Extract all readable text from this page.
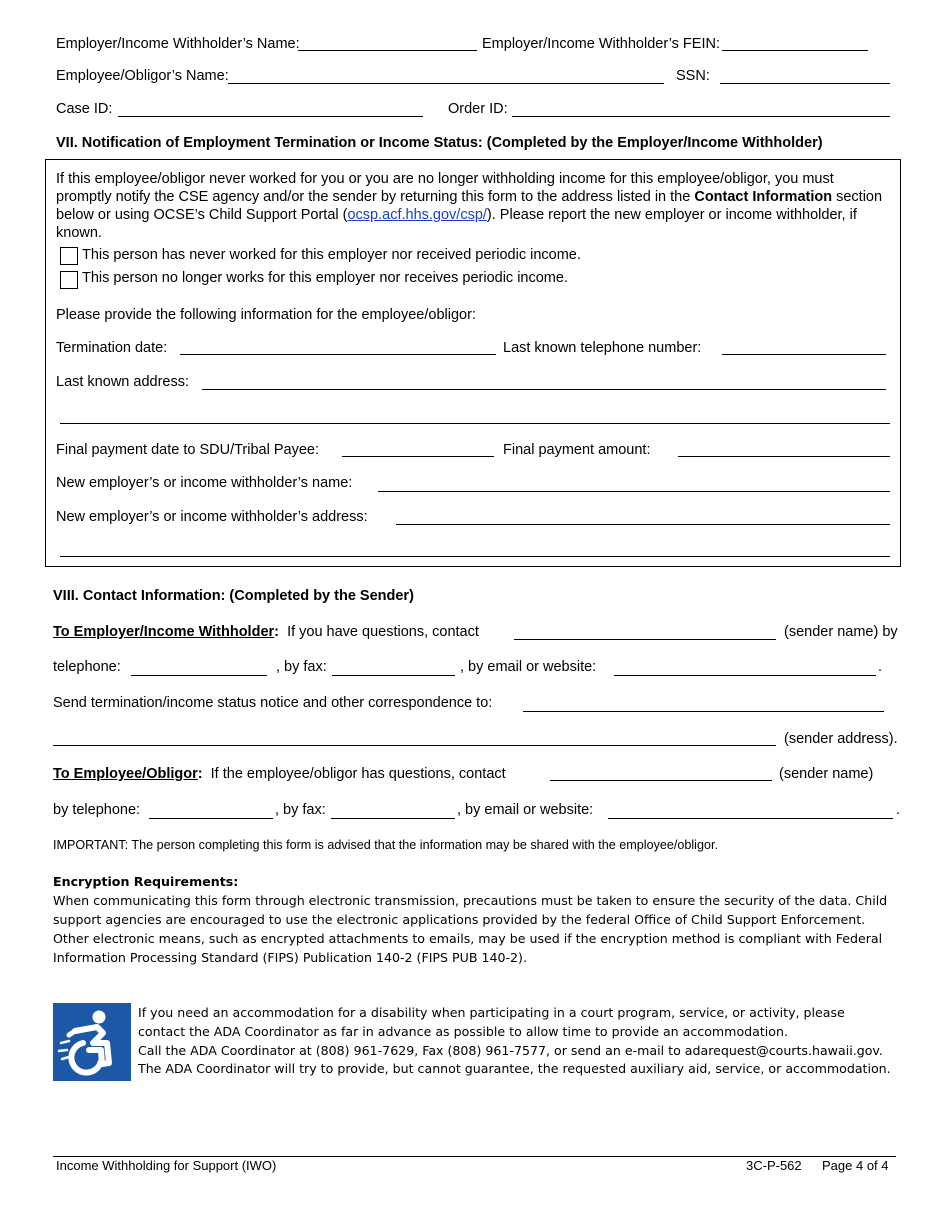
Employer/Income Withholder’s Name:	Employer/Income Withholder’s FEIN:
Employee/Obligor’s Name:	SSN:
Case ID:	Order ID:
VII. Notification of Employment Termination or Income Status: (Completed by the Employer/Income Withholder)
If this employee/obligor never worked for you or you are no longer withholding income for this employee/obligor, you must promptly notify the CSE agency and/or the sender by returning this form to the address listed in the Contact Information section below or using OCSE’s Child Support Portal (ocsp.acf.hhs.gov/csp/). Please report the new employer or income withholder, if known.
This person has never worked for this employer nor received periodic income.
This person no longer works for this employer nor receives periodic income.
Please provide the following information for the employee/obligor:
Termination date:	Last known telephone number:
Last known address:
Final payment date to SDU/Tribal Payee:	Final payment amount:
New employer’s or income withholder’s name:
New employer’s or income withholder’s address:
VIII. Contact Information: (Completed by the Sender)
To Employer/Income Withholder: If you have questions, contact	(sender name) by
telephone:	, by fax:	, by email or website:	.
Send termination/income status notice and other correspondence to:
(sender address).
To Employee/Obligor: If the employee/obligor has questions, contact	(sender name)
by telephone:	, by fax:	, by email or website:	.
IMPORTANT: The person completing this form is advised that the information may be shared with the employee/obligor.
Encryption Requirements:
When communicating this form through electronic transmission, precautions must be taken to ensure the security of the data. Child
support agencies are encouraged to use the electronic applications provided by the federal Office of Child Support Enforcement.
Other electronic means, such as encrypted attachments to emails, may be used if the encryption method is compliant with Federal
Information Processing Standard (FIPS) Publication 140-2 (FIPS PUB 140-2).
If you need an accommodation for a disability when participating in a court program, service, or activity, please
contact the ADA Coordinator as far in advance as possible to allow time to provide an accommodation.
Call the ADA Coordinator at (808) 961-7629, Fax (808) 961-7577, or send an e-mail to adarequest@courts.hawaii.gov.
The ADA Coordinator will try to provide, but cannot guarantee, the requested auxiliary aid, service, or accommodation.
Income Withholding for Support (IWO)	3C-P-562 Page 4 of 4
